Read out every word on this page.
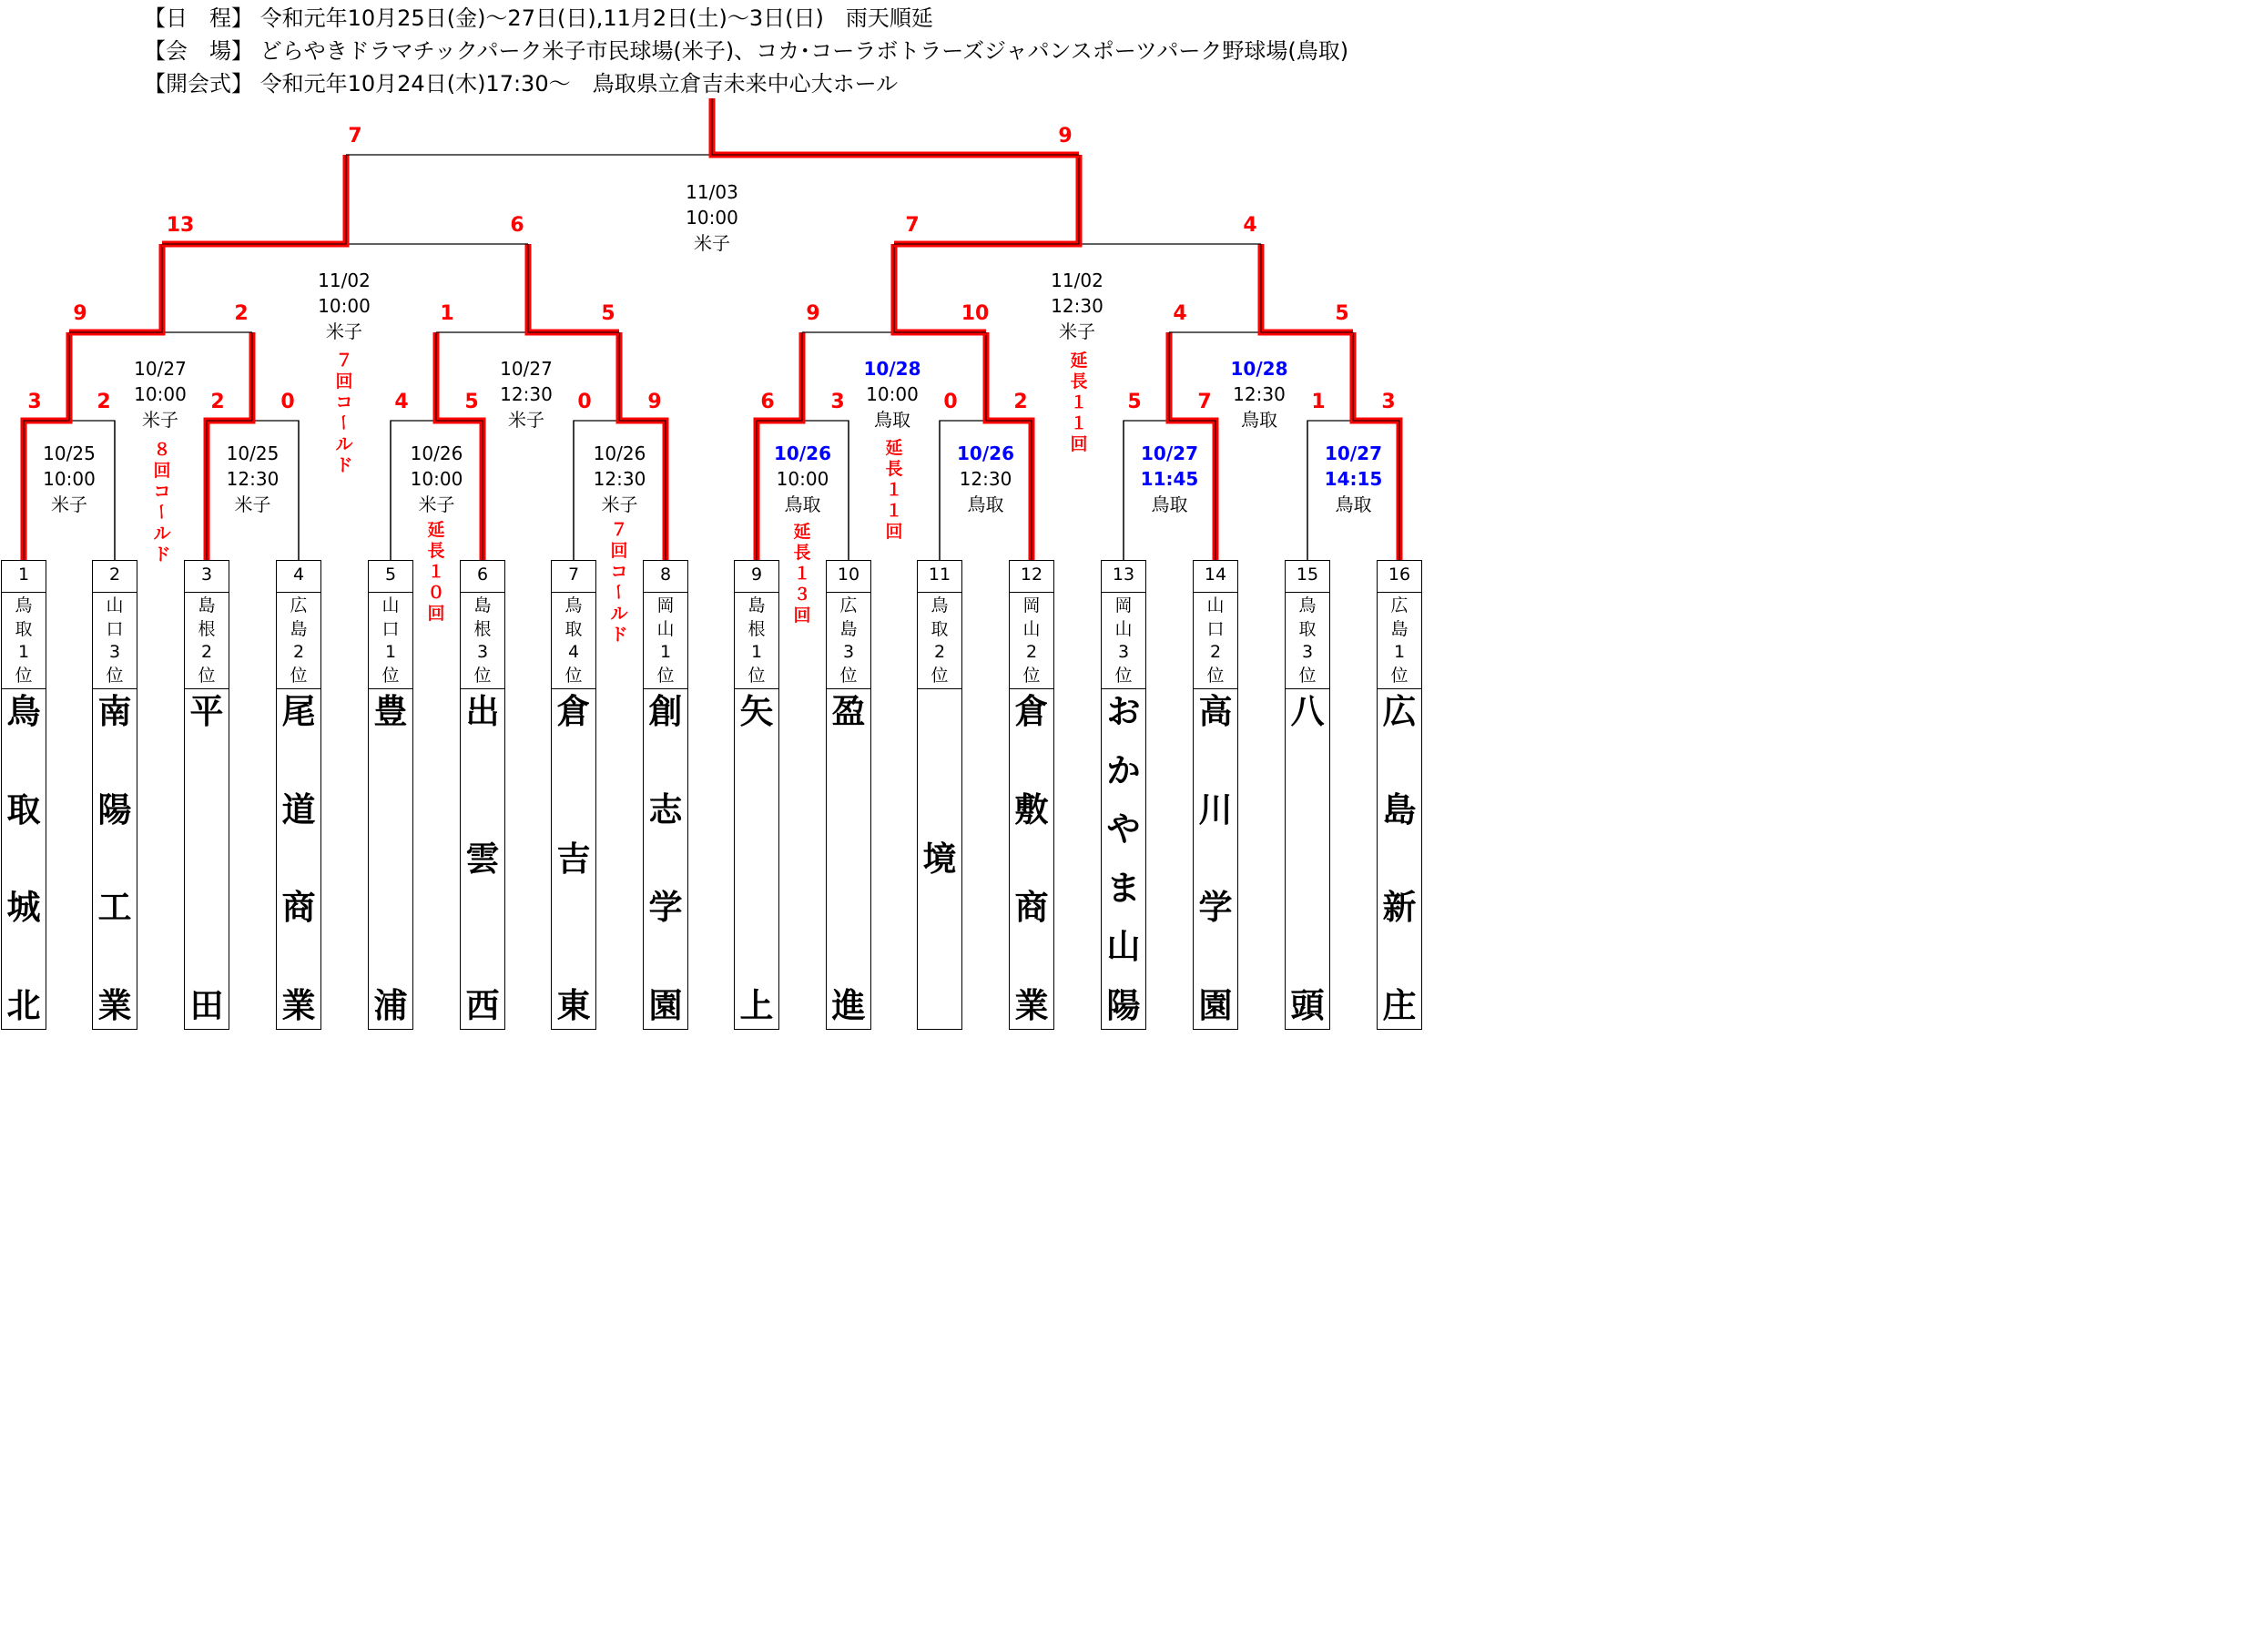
【日　程】 令和元年10月25日(金)～27日(日),11月2日(土)～3日(日)　雨天順延
【会　場】 どらやきドラマチックパーク米子市民球場(米子)、コカ･コーラボトラーズジャパンスポーツパーク野球場(鳥取)
【開会式】 令和元年10月24日(木)17:30～　鳥取県立倉吉未来中心大ホール
3	2	2	0	4	5	0	9	6	3	0	2	5	7	1	3
9	2	1	5	9	10	4	5
13	6	7	4
7	9
10/25
10:00
米子
10/25
12:30
米子
10/26
10:00
米子
10/26
12:30
米子
10/26
10:00
鳥取
10/26
12:30
鳥取
10/27
11:45
鳥取
10/27
14:15
鳥取
延
長
１
０
回
７
回
コ
ー
ル
ド
延
長
１
３
回
10/27
10:00
米子
10/27
12:30
米子
10/28
10:00
鳥取
10/28
12:30
鳥取
８
回
コ
ー
ル
ド
延
長
１
１
回
11/02
10:00
米子
11/02
12:30
米子
７
回
コ
ー
ル
ド
延
長
１
１
回
11/03
10:00
米子
1
鳥
取
1
位
鳥
取
城
北
2
山
口
3
位
南
陽
工
業
3
島
根
2
位
平
田
4
広
島
2
位
尾
道
商
業
5
山
口
1
位
豊
浦
6
島
根
3
位
出
雲
西
7
鳥
取
4
位
倉
吉
東
8
岡
山
1
位
創
志
学
園
9
島
根
1
位
矢
上
10
広
島
3
位
盈
進
11
鳥
取
2
位
境
12
岡
山
2
位
倉
敷
商
業
13
岡
山
3
位
お
か
や
ま
山
陽
14
山
口
2
位
高
川
学
園
15
鳥
取
3
位
八
頭
16
広
島
1
位
広
島
新
庄
